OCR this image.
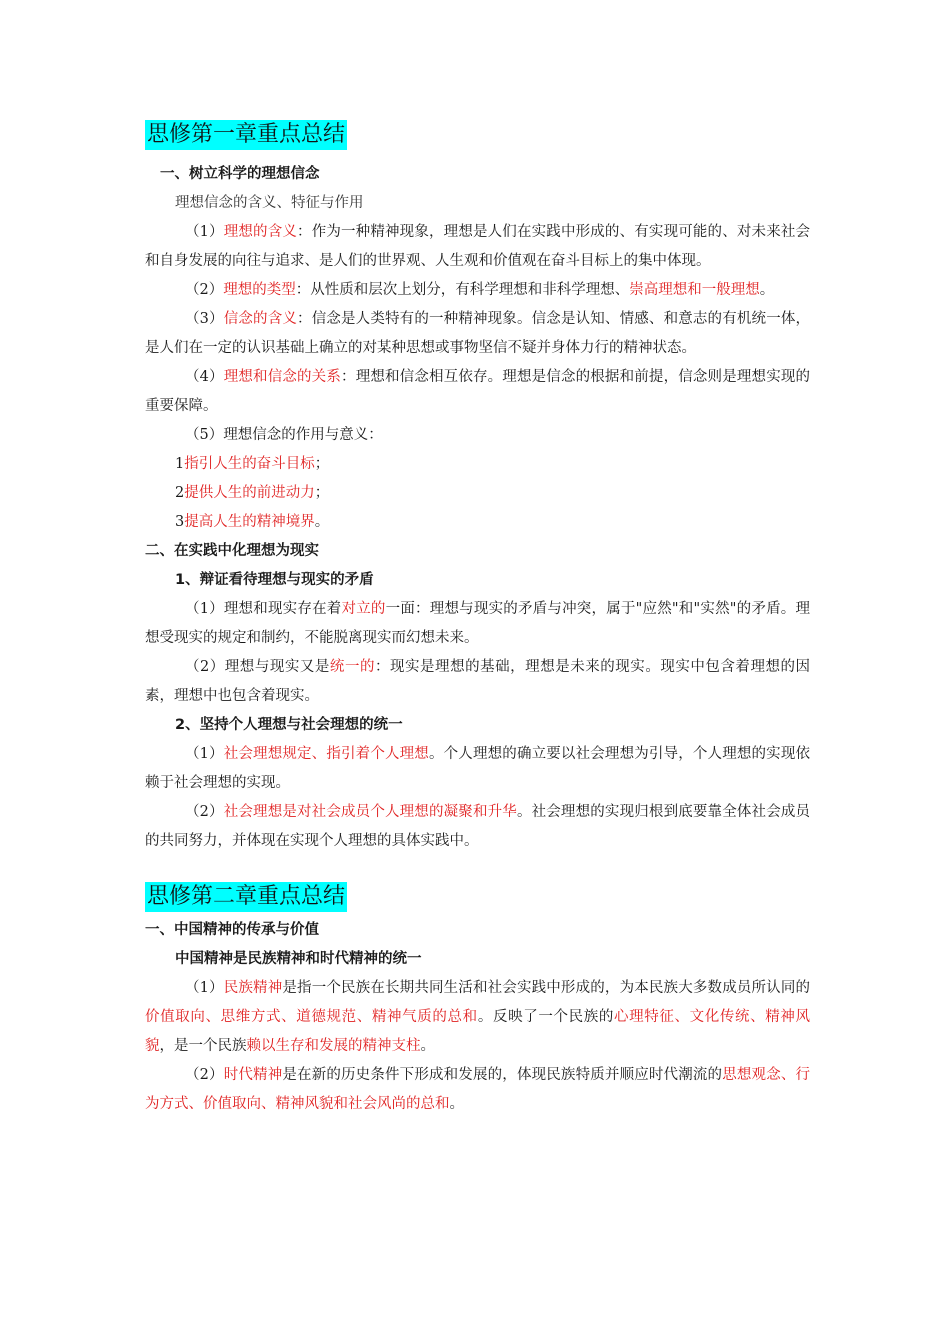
思修第一章重点总结
一、树立科学的理想信念
理想信念的含义、特征与作用

（1）理想的含义：作为一种精神现象，理想是人们在实践中形成的、有实现可能的、对未来社会和自身发展的向往与追求、是人们的世界观、人生观和价值观在奋斗目标上的集中体现。

（2）理想的类型：从性质和层次上划分，有科学理想和非科学理想、崇高理想和一般理想。

（3）信念的含义：信念是人类特有的一种精神现象。信念是认知、情感、和意志的有机统一体，是人们在一定的认识基础上确立的对某种思想或事物坚信不疑并身体力行的精神状态。

（4）理想和信念的关系：理想和信念相互依存。理想是信念的根据和前提，信念则是理想实现的重要保障。

（5）理想信念的作用与意义：

1指引人生的奋斗目标；
2提供人生的前进动力；
3提高人生的精神境界。
二、在实践中化理想为现实
1、辩证看待理想与现实的矛盾

（1）理想和现实存在着对立的一面：理想与现实的矛盾与冲突，属于"应然"和"实然"的矛盾。理想受现实的规定和制约，不能脱离现实而幻想未来。

（2）理想与现实又是统一的：现实是理想的基础，理想是未来的现实。现实中包含着理想的因素，理想中也包含着现实。

2、坚持个人理想与社会理想的统一

（1）社会理想规定、指引着个人理想。个人理想的确立要以社会理想为引导，个人理想的实现依赖于社会理想的实现。

（2）社会理想是对社会成员个人理想的凝聚和升华。社会理想的实现归根到底要靠全体社会成员的共同努力，并体现在实现个人理想的具体实践中。

思修第二章重点总结
一、中国精神的传承与价值
中国精神是民族精神和时代精神的统一

（1）民族精神是指一个民族在长期共同生活和社会实践中形成的，为本民族大多数成员所认同的价值取向、思维方式、道德规范、精神气质的总和。反映了一个民族的心理特征、文化传统、精神风貌，是一个民族赖以生存和发展的精神支柱。

（2）时代精神是在新的历史条件下形成和发展的，体现民族特质并顺应时代潮流的思想观念、行为方式、价值取向、精神风貌和社会风尚的总和。
